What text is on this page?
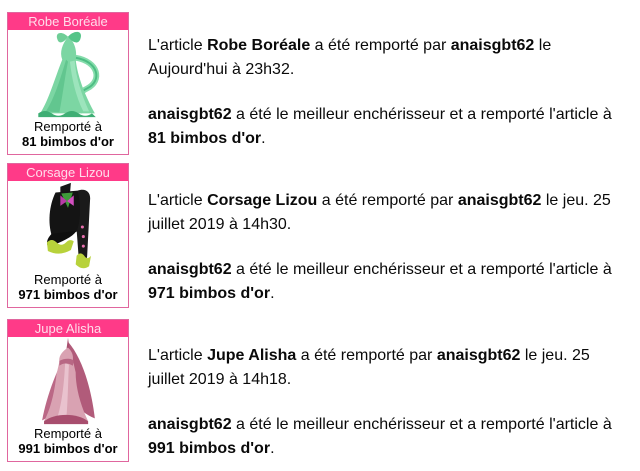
Robe Boréale
Remporté à
81 bimbos d'or
Corsage Lizou
Remporté à
971 bimbos d'or
Jupe Alisha
Remporté à
991 bimbos d'or

L'article Robe Boréale a été remporté par anaisgbt62 le Aujourd'hui à 23h32.

anaisgbt62 a été le meilleur enchérisseur et a remporté l'article à 81 bimbos d'or.

L'article Corsage Lizou a été remporté par anaisgbt62 le jeu. 25 juillet 2019 à 14h30.

anaisgbt62 a été le meilleur enchérisseur et a remporté l'article à 971 bimbos d'or.

L'article Jupe Alisha a été remporté par anaisgbt62 le jeu. 25 juillet 2019 à 14h18.

anaisgbt62 a été le meilleur enchérisseur et a remporté l'article à 991 bimbos d'or.
